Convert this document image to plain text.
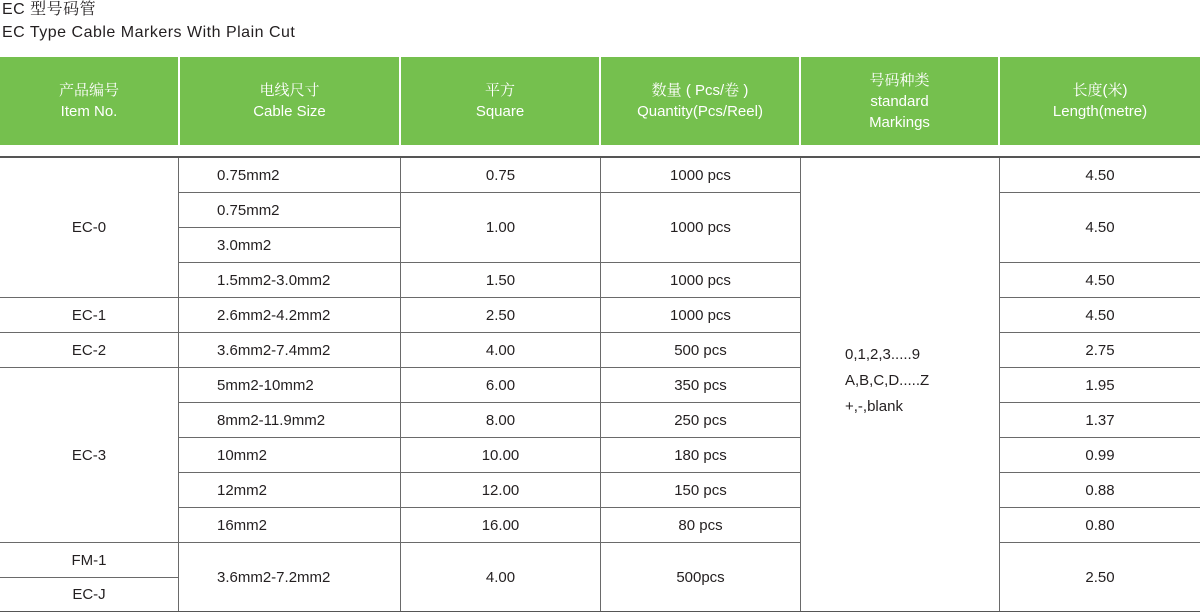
EC 型号码管
EC Type Cable Markers With Plain Cut
产品编号
Item No.
电线尺寸
Cable Size
平方
Square
数量 ( Pcs/卷 )
Quantity(Pcs/Reel)
号码种类
standard
Markings
长度(米)
Length(metre)
EC-0
EC-1
EC-2
EC-3
FM-1
EC-J
0.75mm2
0.75mm2
3.0mm2
1.5mm2-3.0mm2
2.6mm2-4.2mm2
3.6mm2-7.4mm2
5mm2-10mm2
8mm2-11.9mm2
10mm2
12mm2
16mm2
3.6mm2-7.2mm2
0.75
1.00
1.50
2.50
4.00
6.00
8.00
10.00
12.00
16.00
4.00
1000 pcs
1000 pcs
1000 pcs
1000 pcs
500 pcs
350 pcs
250 pcs
180 pcs
150 pcs
80 pcs
500pcs
0,1,2,3.....9
A,B,C,D.....Z
+,-,blank
4.50
4.50
4.50
4.50
2.75
1.95
1.37
0.99
0.88
0.80
2.50
